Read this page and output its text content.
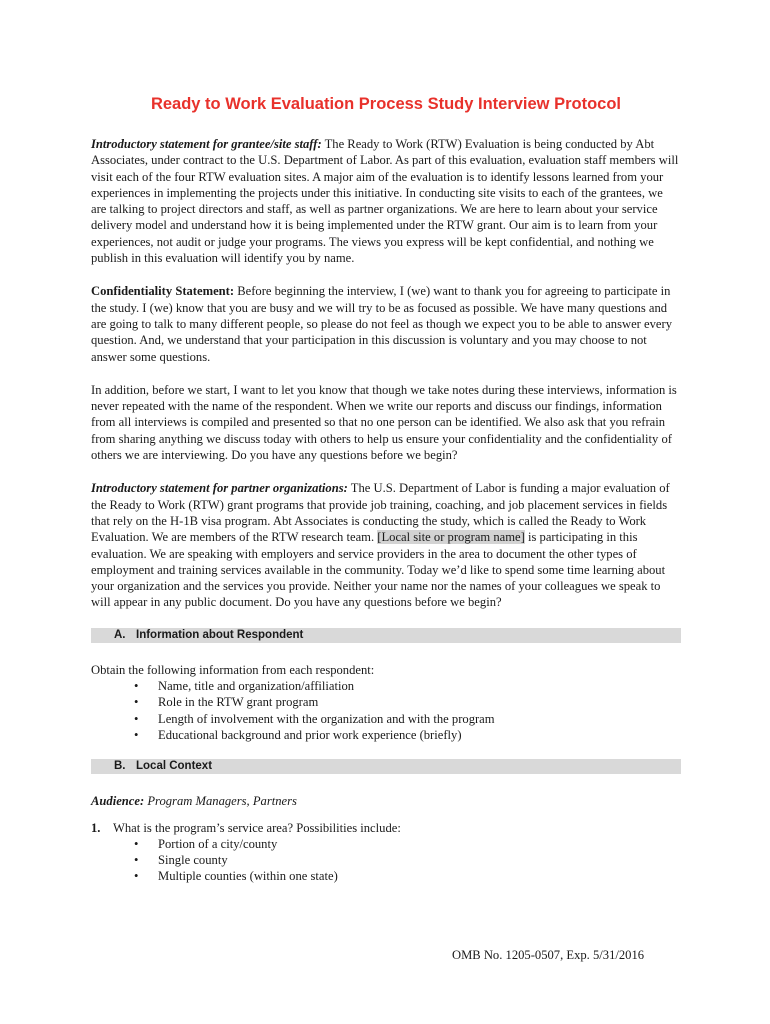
Ready to Work Evaluation Process Study Interview Protocol

Introductory statement for grantee/site staff: The Ready to Work (RTW) Evaluation is being conducted by Abt Associates, under contract to the U.S. Department of Labor. As part of this evaluation, evaluation staff members will visit each of the four RTW evaluation sites. A major aim of the evaluation is to identify lessons learned from your experiences in implementing the projects under this initiative. In conducting site visits to each of the grantees, we are talking to project directors and staff, as well as partner organizations. We are here to learn about your service delivery model and understand how it is being implemented under the RTW grant. Our aim is to learn from your experiences, not audit or judge your programs. The views you express will be kept confidential, and nothing we publish in this evaluation will identify you by name.

Confidentiality Statement: Before beginning the interview, I (we) want to thank you for agreeing to participate in the study. I (we) know that you are busy and we will try to be as focused as possible. We have many questions and are going to talk to many different people, so please do not feel as though we expect you to be able to answer every question. And, we understand that your participation in this discussion is voluntary and you may choose to not answer some questions.

In addition, before we start, I want to let you know that though we take notes during these interviews, information is never repeated with the name of the respondent. When we write our reports and discuss our findings, information from all interviews is compiled and presented so that no one person can be identified. We also ask that you refrain from sharing anything we discuss today with others to help us ensure your confidentiality and the confidentiality of others we are interviewing. Do you have any questions before we begin?

Introductory statement for partner organizations: The U.S. Department of Labor is funding a major evaluation of the Ready to Work (RTW) grant programs that provide job training, coaching, and job placement services in fields that rely on the H-1B visa program. Abt Associates is conducting the study, which is called the Ready to Work Evaluation. We are members of the RTW research team. [Local site or program name] is participating in this evaluation. We are speaking with employers and service providers in the area to document the other types of employment and training services available in the community. Today we’d like to spend some time learning about your organization and the services you provide. Neither your name nor the names of your colleagues we speak to will appear in any public document. Do you have any questions before we begin?

A. Information about Respondent

Obtain the following information from each respondent:

• Name, title and organization/affiliation
• Role in the RTW grant program
• Length of involvement with the organization and with the program
• Educational background and prior work experience (briefly)
B. Local Context

Audience: Program Managers, Partners

1. What is the program’s service area? Possibilities include:

• Portion of a city/county
• Single county
• Multiple counties (within one state)
OMB No. 1205-0507, Exp. 5/31/2016
